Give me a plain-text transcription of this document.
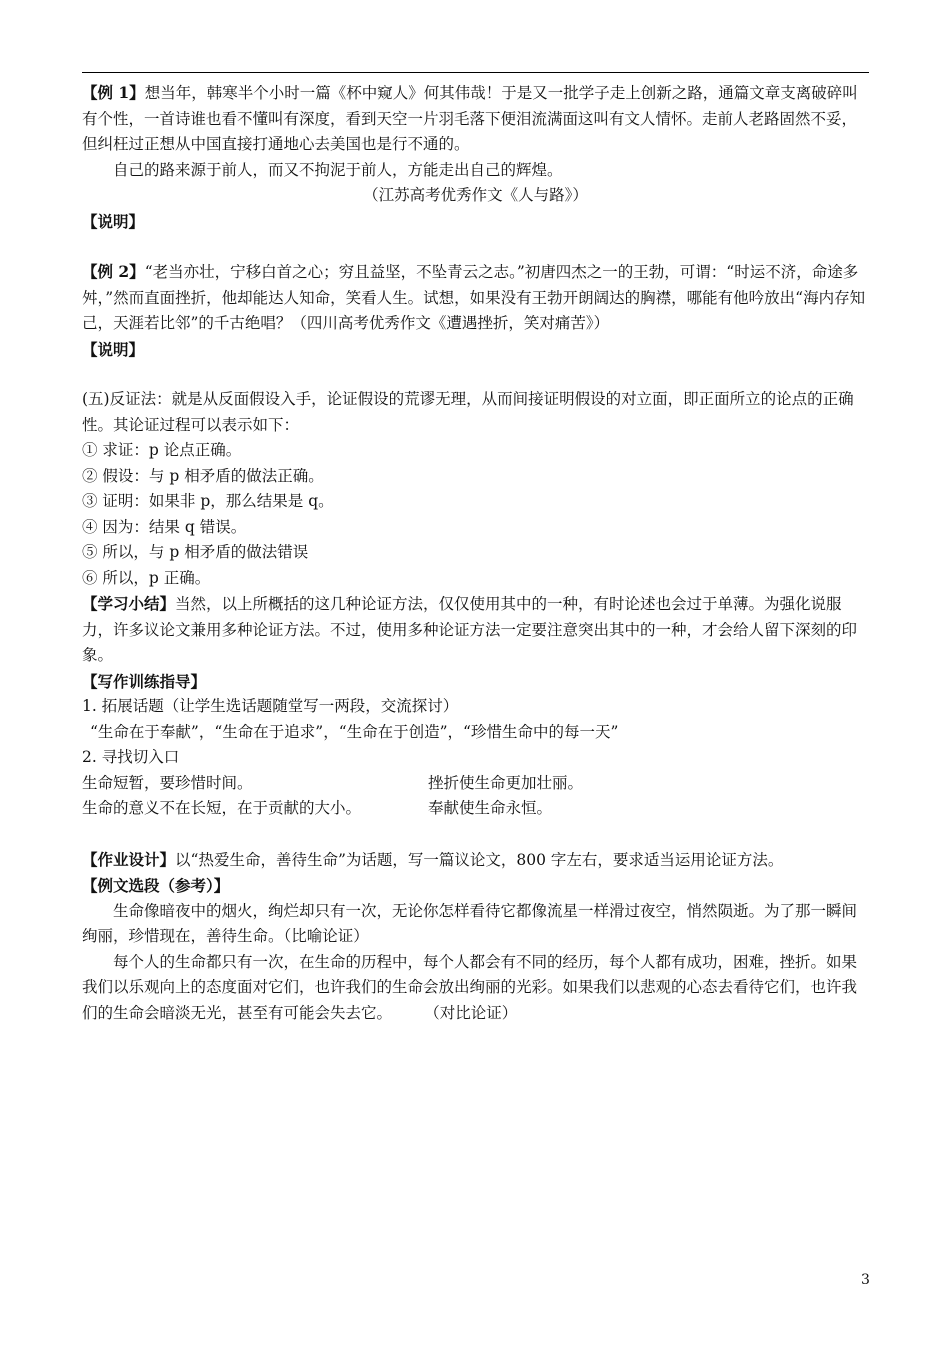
【例 1】想当年，韩寒半个小时一篇《杯中窥人》何其伟哉！于是又一批学子走上创新之路，通篇文章支离破碎叫有个性，一首诗谁也看不懂叫有深度，看到天空一片羽毛落下便泪流满面这叫有文人情怀。走前人老路固然不妥，但纠枉过正想从中国直接打通地心去美国也是行不通的。

自己的路来源于前人，而又不拘泥于前人，方能走出自己的辉煌。

（江苏高考优秀作文《人与路》）

【说明】

【例 2】“老当亦壮，宁移白首之心；穷且益坚，不坠青云之志。”初唐四杰之一的王勃，可谓：“时运不济，命途多舛，”然而直面挫折，他却能达人知命，笑看人生。试想，如果没有王勃开朗阔达的胸襟，哪能有他吟放出“海内存知己，天涯若比邻”的千古绝唱？（四川高考优秀作文《遭遇挫折，笑对痛苦》）

【说明】

(五)反证法：就是从反面假设入手，论证假设的荒谬无理，从而间接证明假设的对立面，即正面所立的论点的正确性。其论证过程可以表示如下：

① 求证：p 论点正确。

② 假设：与 p 相矛盾的做法正确。

③ 证明：如果非 p，那么结果是 q。

④ 因为：结果 q 错误。

⑤ 所以，与 p 相矛盾的做法错误

⑥ 所以，p 正确。

【学习小结】当然，以上所概括的这几种论证方法，仅仅使用其中的一种，有时论述也会过于单薄。为强化说服力，许多议论文兼用多种论证方法。不过，使用多种论证方法一定要注意突出其中的一种，才会给人留下深刻的印象。

【写作训练指导】

1. 拓展话题（让学生选话题随堂写一两段，交流探讨）

“生命在于奉献”，“生命在于追求”，“生命在于创造”，“珍惜生命中的每一天”

2. 寻找切入口

生命短暂，要珍惜时间。	挫折使生命更加壮丽。

生命的意义不在长短，在于贡献的大小。	奉献使生命永恒。

【作业设计】以“热爱生命，善待生命”为话题，写一篇议论文，800 字左右，要求适当运用论证方法。

【例文选段（参考）】

生命像暗夜中的烟火，绚烂却只有一次，无论你怎样看待它都像流星一样滑过夜空，悄然陨逝。为了那一瞬间绚丽，珍惜现在，善待生命。（比喻论证）

每个人的生命都只有一次，在生命的历程中，每个人都会有不同的经历，每个人都有成功，困难，挫折。如果我们以乐观向上的态度面对它们，也许我们的生命会放出绚丽的光彩。如果我们以悲观的心态去看待它们，也许我们的生命会暗淡无光，甚至有可能会失去它。	（对比论证）

3
